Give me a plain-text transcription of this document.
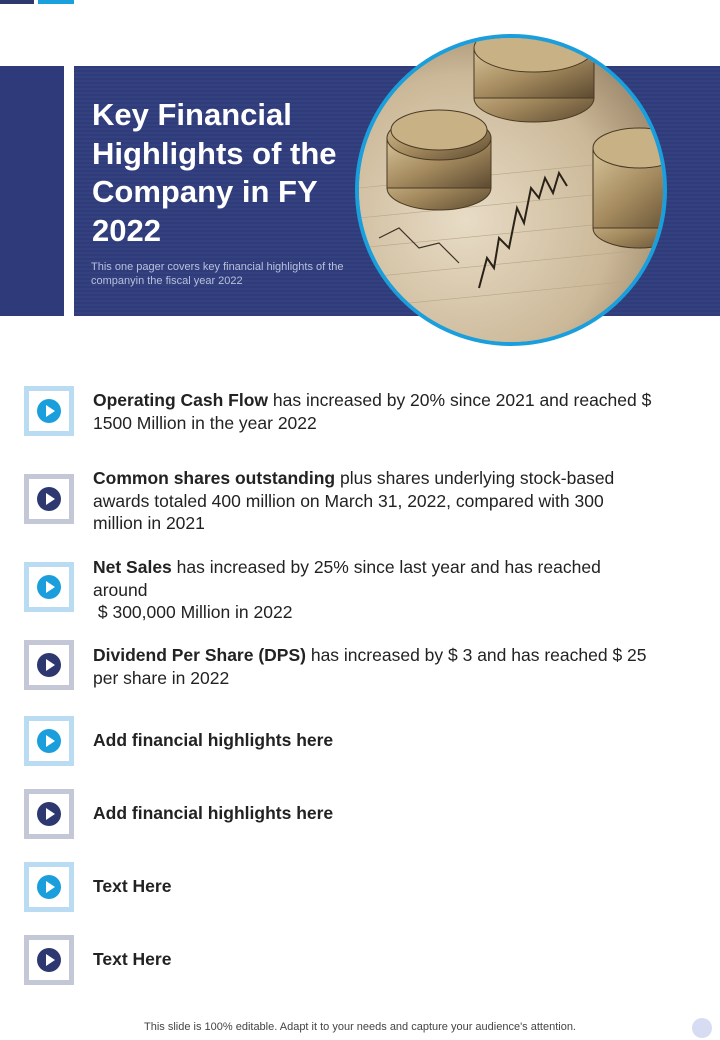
Key Financial Highlights of the Company in FY 2022

This one pager covers key financial highlights of the companyin the fiscal year 2022

Operating Cash Flow has increased by 20% since 2021 and reached $ 1500 Million in the year 2022

Common shares outstanding plus shares underlying stock-based awards totaled 400 million on March 31, 2022, compared with 300 million in 2021

Net Sales has increased by 25% since last year and has reached around
$ 300,000 Million in 2022

Dividend Per Share (DPS) has increased by $ 3 and has reached $ 25 per share in 2022

Add financial highlights here

Add financial highlights here

Text Here

Text Here

This slide is 100% editable. Adapt it to your needs and capture your audience's attention.
